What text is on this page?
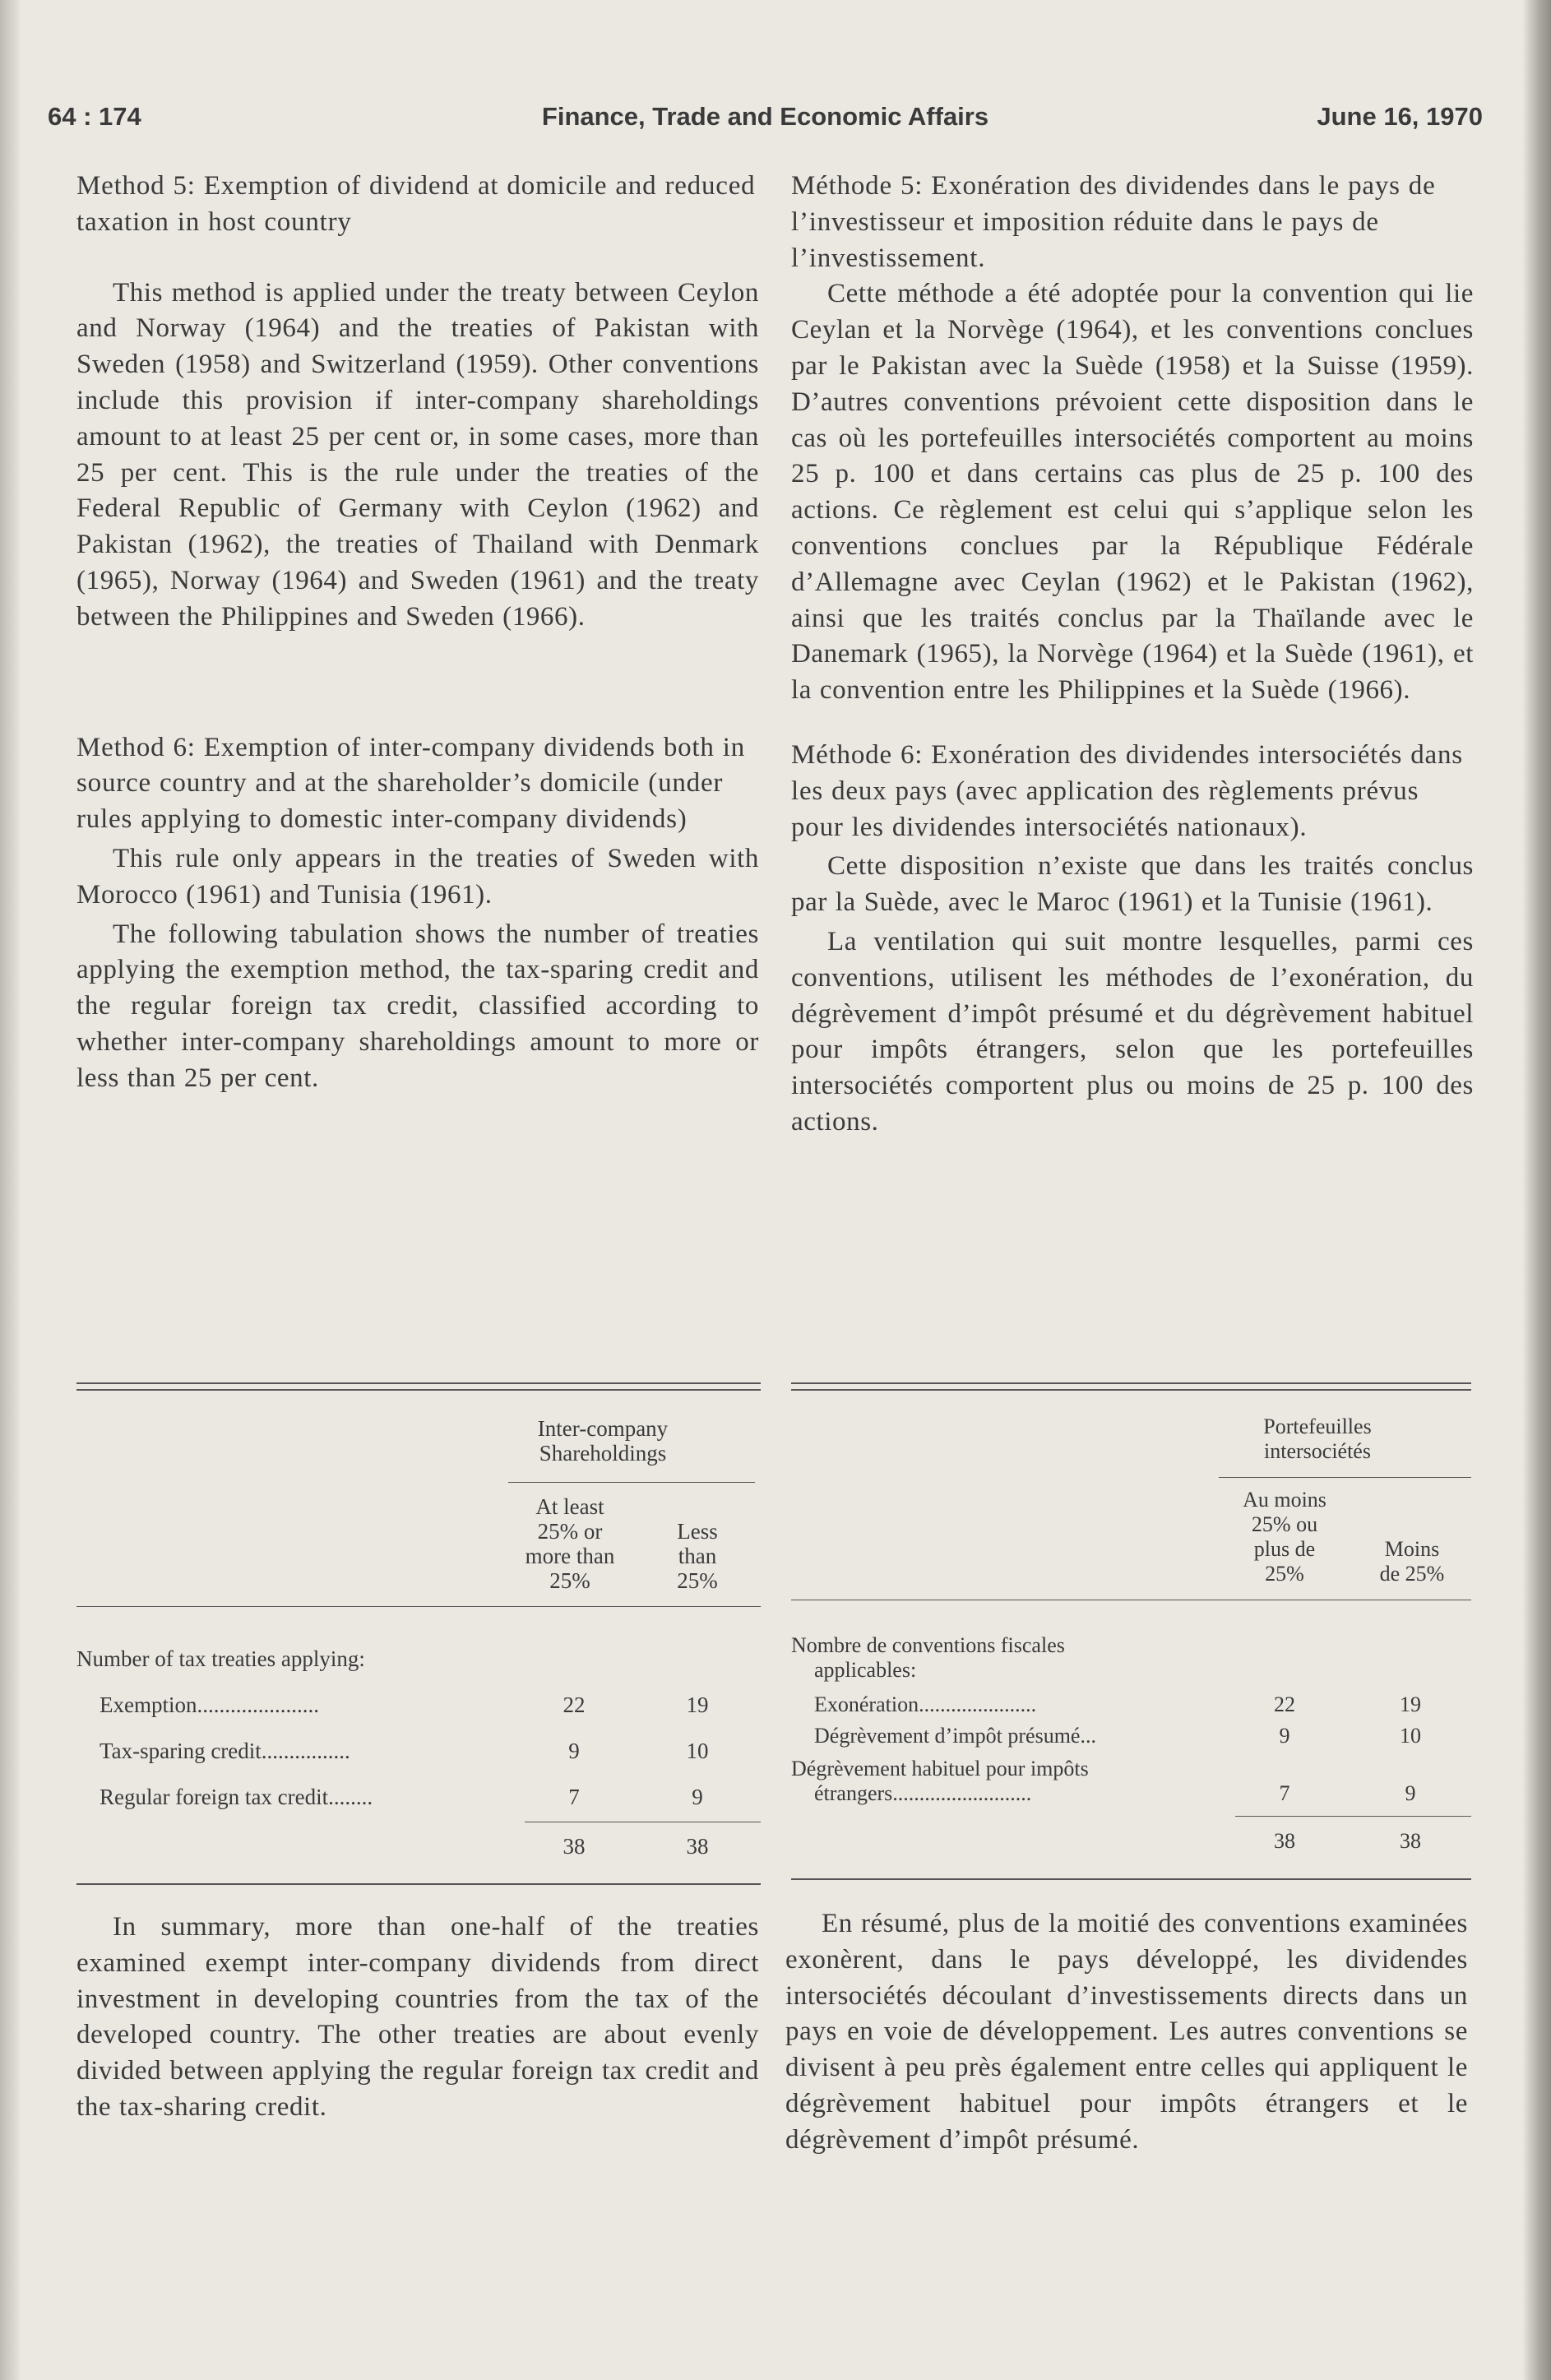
64 : 174	Finance, Trade and Economic Affairs	June 16, 1970

Method 5: Exemption of dividend at domicile and reduced taxation in host country

This method is applied under the treaty between Ceylon and Norway (1964) and the treaties of Pakistan with Sweden (1958) and Switzerland (1959). Other conventions include this provision if inter-company shareholdings amount to at least 25 per cent or, in some cases, more than 25 per cent. This is the rule under the treaties of the Federal Republic of Germany with Ceylon (1962) and Pakistan (1962), the treaties of Thailand with Denmark (1965), Norway (1964) and Sweden (1961) and the treaty between the Philippines and Sweden (1966).

Method 6: Exemption of inter-company dividends both in source country and at the shareholder’s domicile (under rules applying to domestic inter-company dividends)

This rule only appears in the treaties of Sweden with Morocco (1961) and Tunisia (1961).

The following tabulation shows the number of treaties applying the exemption method, the tax-sparing credit and the regular foreign tax credit, classified according to whether inter-company shareholdings amount to more or less than 25 per cent.

Méthode 5: Exonération des dividendes dans le pays de l’investisseur et imposition réduite dans le pays de l’investissement.

Cette méthode a été adoptée pour la convention qui lie Ceylan et la Norvège (1964), et les conventions conclues par le Pakistan avec la Suède (1958) et la Suisse (1959). D’autres conventions prévoient cette disposition dans le cas où les portefeuilles intersociétés comportent au moins 25 p. 100 et dans certains cas plus de 25 p. 100 des actions. Ce règlement est celui qui s’applique selon les conventions conclues par la République Fédérale d’Allemagne avec Ceylan (1962) et le Pakistan (1962), ainsi que les traités conclus par la Thaïlande avec le Danemark (1965), la Norvège (1964) et la Suède (1961), et la convention entre les Philippines et la Suède (1966).

Méthode 6: Exonération des dividendes intersociétés dans les deux pays (avec application des règlements prévus pour les dividendes intersociétés nationaux).

Cette disposition n’existe que dans les traités conclus par la Suède, avec le Maroc (1961) et la Tunisie (1961).

La ventilation qui suit montre lesquelles, parmi ces conventions, utilisent les méthodes de l’exonération, du dégrèvement d’impôt présumé et du dégrèvement habituel pour impôts étrangers, selon que les portefeuilles intersociétés comportent plus ou moins de 25 p. 100 des actions.

Inter-company
Shareholdings
At least
25% or
more than
25%
Less
than
25%
Number of tax treaties applying:
Exemption......................	22	19
Tax-sparing credit................	9	10
Regular foreign tax credit........	7	9
38	38
Portefeuilles
intersociétés
Au moins
25% ou
plus de
25%
Moins
de 25%
Nombre de conventions fiscales
applicables:
Exonération......................	22	19
Dégrèvement d’impôt présumé...	9	10
Dégrèvement habituel pour impôts
étrangers..........................	7	9
38	38

In summary, more than one-half of the treaties examined exempt inter-company dividends from direct investment in developing countries from the tax of the developed country. The other treaties are about evenly divided between applying the regular foreign tax credit and the tax-sharing credit.

En résumé, plus de la moitié des conventions examinées exonèrent, dans le pays développé, les dividendes intersociétés découlant d’investissements directs dans un pays en voie de développement. Les autres conventions se divisent à peu près également entre celles qui appliquent le dégrèvement habituel pour impôts étrangers et le dégrèvement d’impôt présumé.
